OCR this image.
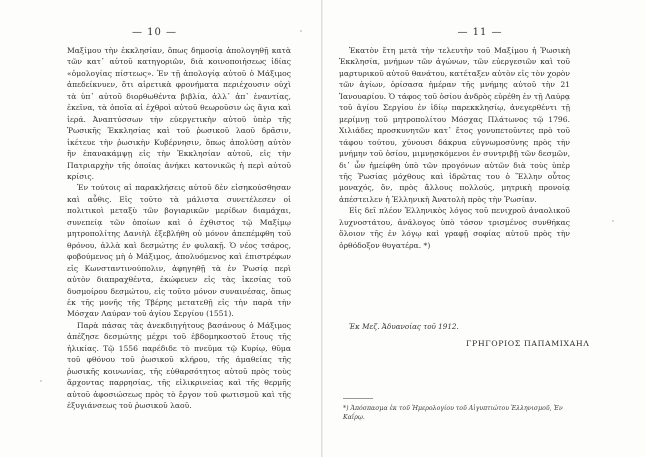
— 10 —

Μαξίμου τὴν ἐκκλησίαν, ὅπως δημοσίᾳ ἀπολογηθῇ κατὰ τῶν κατ᾿ αὐτοῦ κατηγοριῶν, διὰ κοινοποιήσεως ἰδίας «ὁμολογίας πίστεως». Ἐν τῇ ἀπολογίᾳ αὐτοῦ ὁ Μάξιμος ἀπεδείκνυεν, ὅτι αἱρετικὰ φρονήματα περιέχουσιν οὐχὶ τὰ ὑπ᾿ αὐτοῦ διορθωθέντα βιβλία, ἀλλ᾿ ἀπ᾿ ἐναντίας, ἐκεῖνα, τὰ ὁποῖα αἱ ἐχθροὶ αὐτοῦ θεωροῦσιν ὡς ἅγια καὶ ἱερά. Ἀναπτύσσων τὴν εὐεργετικὴν αὐτοῦ ὑπὲρ τῆς Ῥωσικῆς Ἐκκλησίας καὶ τοῦ ῥωσικοῦ λαοῦ δρᾶσιν, ἱκέτευε τὴν ῥωσικὴν Κυβέρνησιν, ὅπως ἀπολύσῃ αὐτὸν ἢν ἐπανακάμψῃ εἰς τὴν Ἐκκλησίαν αὐτοῦ, εἰς τὴν Πατριαρχὴν τῆς ὁποίας ἀνήκει κατονικῶς ἡ περὶ αὐτοῦ κρίσις.

Ἐν τούτοις αἱ παρακλήσεις αὐτοῦ δὲν εἰσηκούσθησαν καὶ αὖθις. Εἰς τοῦτο τὰ μάλιστα συνετέλεσεν οἱ πολιτικοὶ μεταξὺ τῶν βογιαρικῶν μερίδων διαμάχαι, συνεπείᾳ τῶν ὁποίων καὶ ὁ ἐχθιστος τῷ Μαξίμῳ μητροπολίτης Δανιὴλ ἐξεβλήθη οὐ μόνον ἀπεπέμφθη τοῦ θρόνου, ἀλλὰ καὶ δεσμώτης ἐν φυλακῇ. Ὁ νέος τσάρος, φοβούμενος μὴ ὁ Μάξιμος, ἀπολυόμενος καὶ ἐπιστρέφων εἰς Κωνσταντινούπολιν, ἀφηγηθῇ τὰ ἐν Ῥωσίᾳ περὶ αὐτὸν διαπραχθέντα, ἐκώφευεν εἰς τὰς ἱκεσίας τοῦ δυσμοίρου δεσμώτου, εἰς τοῦτο μόνον συναινέσας, ὅπως ἐκ τῆς μονῆς τῆς Τβέρης μετατεθῇ εἰς τὴν παρὰ τὴν Μόσχαν Λαύραν τοῦ ἁγίου Σεργίου (1551).

Παρὰ πάσας τὰς ἀνεκδιηγήτους βασάνους ὁ Μάξιμος ἀπέζησε δεσμώτης μέχρι τοῦ ἑβδομηκοστοῦ ἔτους τῆς ἡλικίας. Τῷ 1556 παρέδιδε τὸ πνεῦμα τῷ Κυρίῳ, θῦμα τοῦ φθόνου τοῦ ῥωσικοῦ κλήρου, τῆς ἀμαθείας τῆς ῥωσικῆς κοινωνίας, τῆς εὐθαρσότητος αὐτοῦ πρὸς τοὺς ἄρχοντας παρρησίας, τῆς εἰλικρινείας καὶ τῆς θερμῆς αὐτοῦ ἀφοσιώσεως πρὸς τὸ ἔργον τοῦ φωτισμοῦ καὶ τῆς ἐξυγιάνσεως τοῦ ῥωσικοῦ λαοῦ.

— 11 —

Ἑκατὸν ἔτη μετὰ τὴν τελευτὴν τοῦ Μαξίμου ἡ Ῥωσικὴ Ἐκκλησία, μνήμων τῶν ἀγώνων, τῶν εὐεργεσιῶν καὶ τοῦ μαρτυρικοῦ αὐτοῦ θανάτου, κατέταξεν αὐτὸν εἰς τὸν χορὸν τῶν ἁγίων, ὁρίσασα ἡμέραν τῆς μνήμης αὐτοῦ τὴν 21 Ἰανουαρίου. Ὁ τάφος τοῦ ὁσίου ἀνδρὸς εὑρέθη ἐν τῇ Λαύρᾳ τοῦ ἁγίου Σεργίου ἐν ἰδίῳ παρεκκλησίῳ, ἀνεγερθέντι τῇ μερίμνῃ τοῦ μητροπολίτου Μόσχας Πλάτωνος τῷ 1796. Χιλιάδες προσκυνητῶν κατ᾿ ἔτος γονυπετοῦντες πρὸ τοῦ τάφου τούτου, χύνουσι δάκρυα εὐγνωμοσύνης πρὸς τὴν μνήμην τοῦ ὁσίου, μιμνῃσκόμενοι ἐν συντριβῇ τῶν δεσμῶν, δι᾿ ὧν ἠμείφθη ὑπὸ τῶν προγόνων αὐτῶν διὰ τοὺς ὑπὲρ τῆς Ῥωσίας μόχθους καὶ ἱδρῶτας του ὁ Ἕλλην οὗτος μοναχός, ὅν, πρὸς ἄλλους πολλούς, μητρικὴ προνοίᾳ ἀπέστειλεν ἡ Ἑλληνικὴ Ἀνατολὴ πρὸς τὴν Ῥωσίαν.

Εἰς δεῖ πλέον Ἑλληνικὸς λόγος τοῦ πενιχροῦ ἀναολικοῦ λυχνοστάτου, ἀνάλογος ὑπὸ τόσον τρισμένος συνθήκας ὅλοιον τῆς ἐν λόγῳ καὶ γραφῇ σοφίας αὐτοῦ πρὸς τὴν ὀρθόδοξον θυγατέρα. *)

Ἐκ Μεζ. Ἀδυανοίας τοῦ 1912.
ΓΡΗΓΟΡΙΟΣ ΠΑΠΑΜΙΧΑΗΛ
*) Ἀπόσπασμα ἐκ τοῦ Ἡμερολογίου τοῦ Αἰγυπτιώτου Ἑλληνισμοῦ, Ἐν Καΐρῳ.
